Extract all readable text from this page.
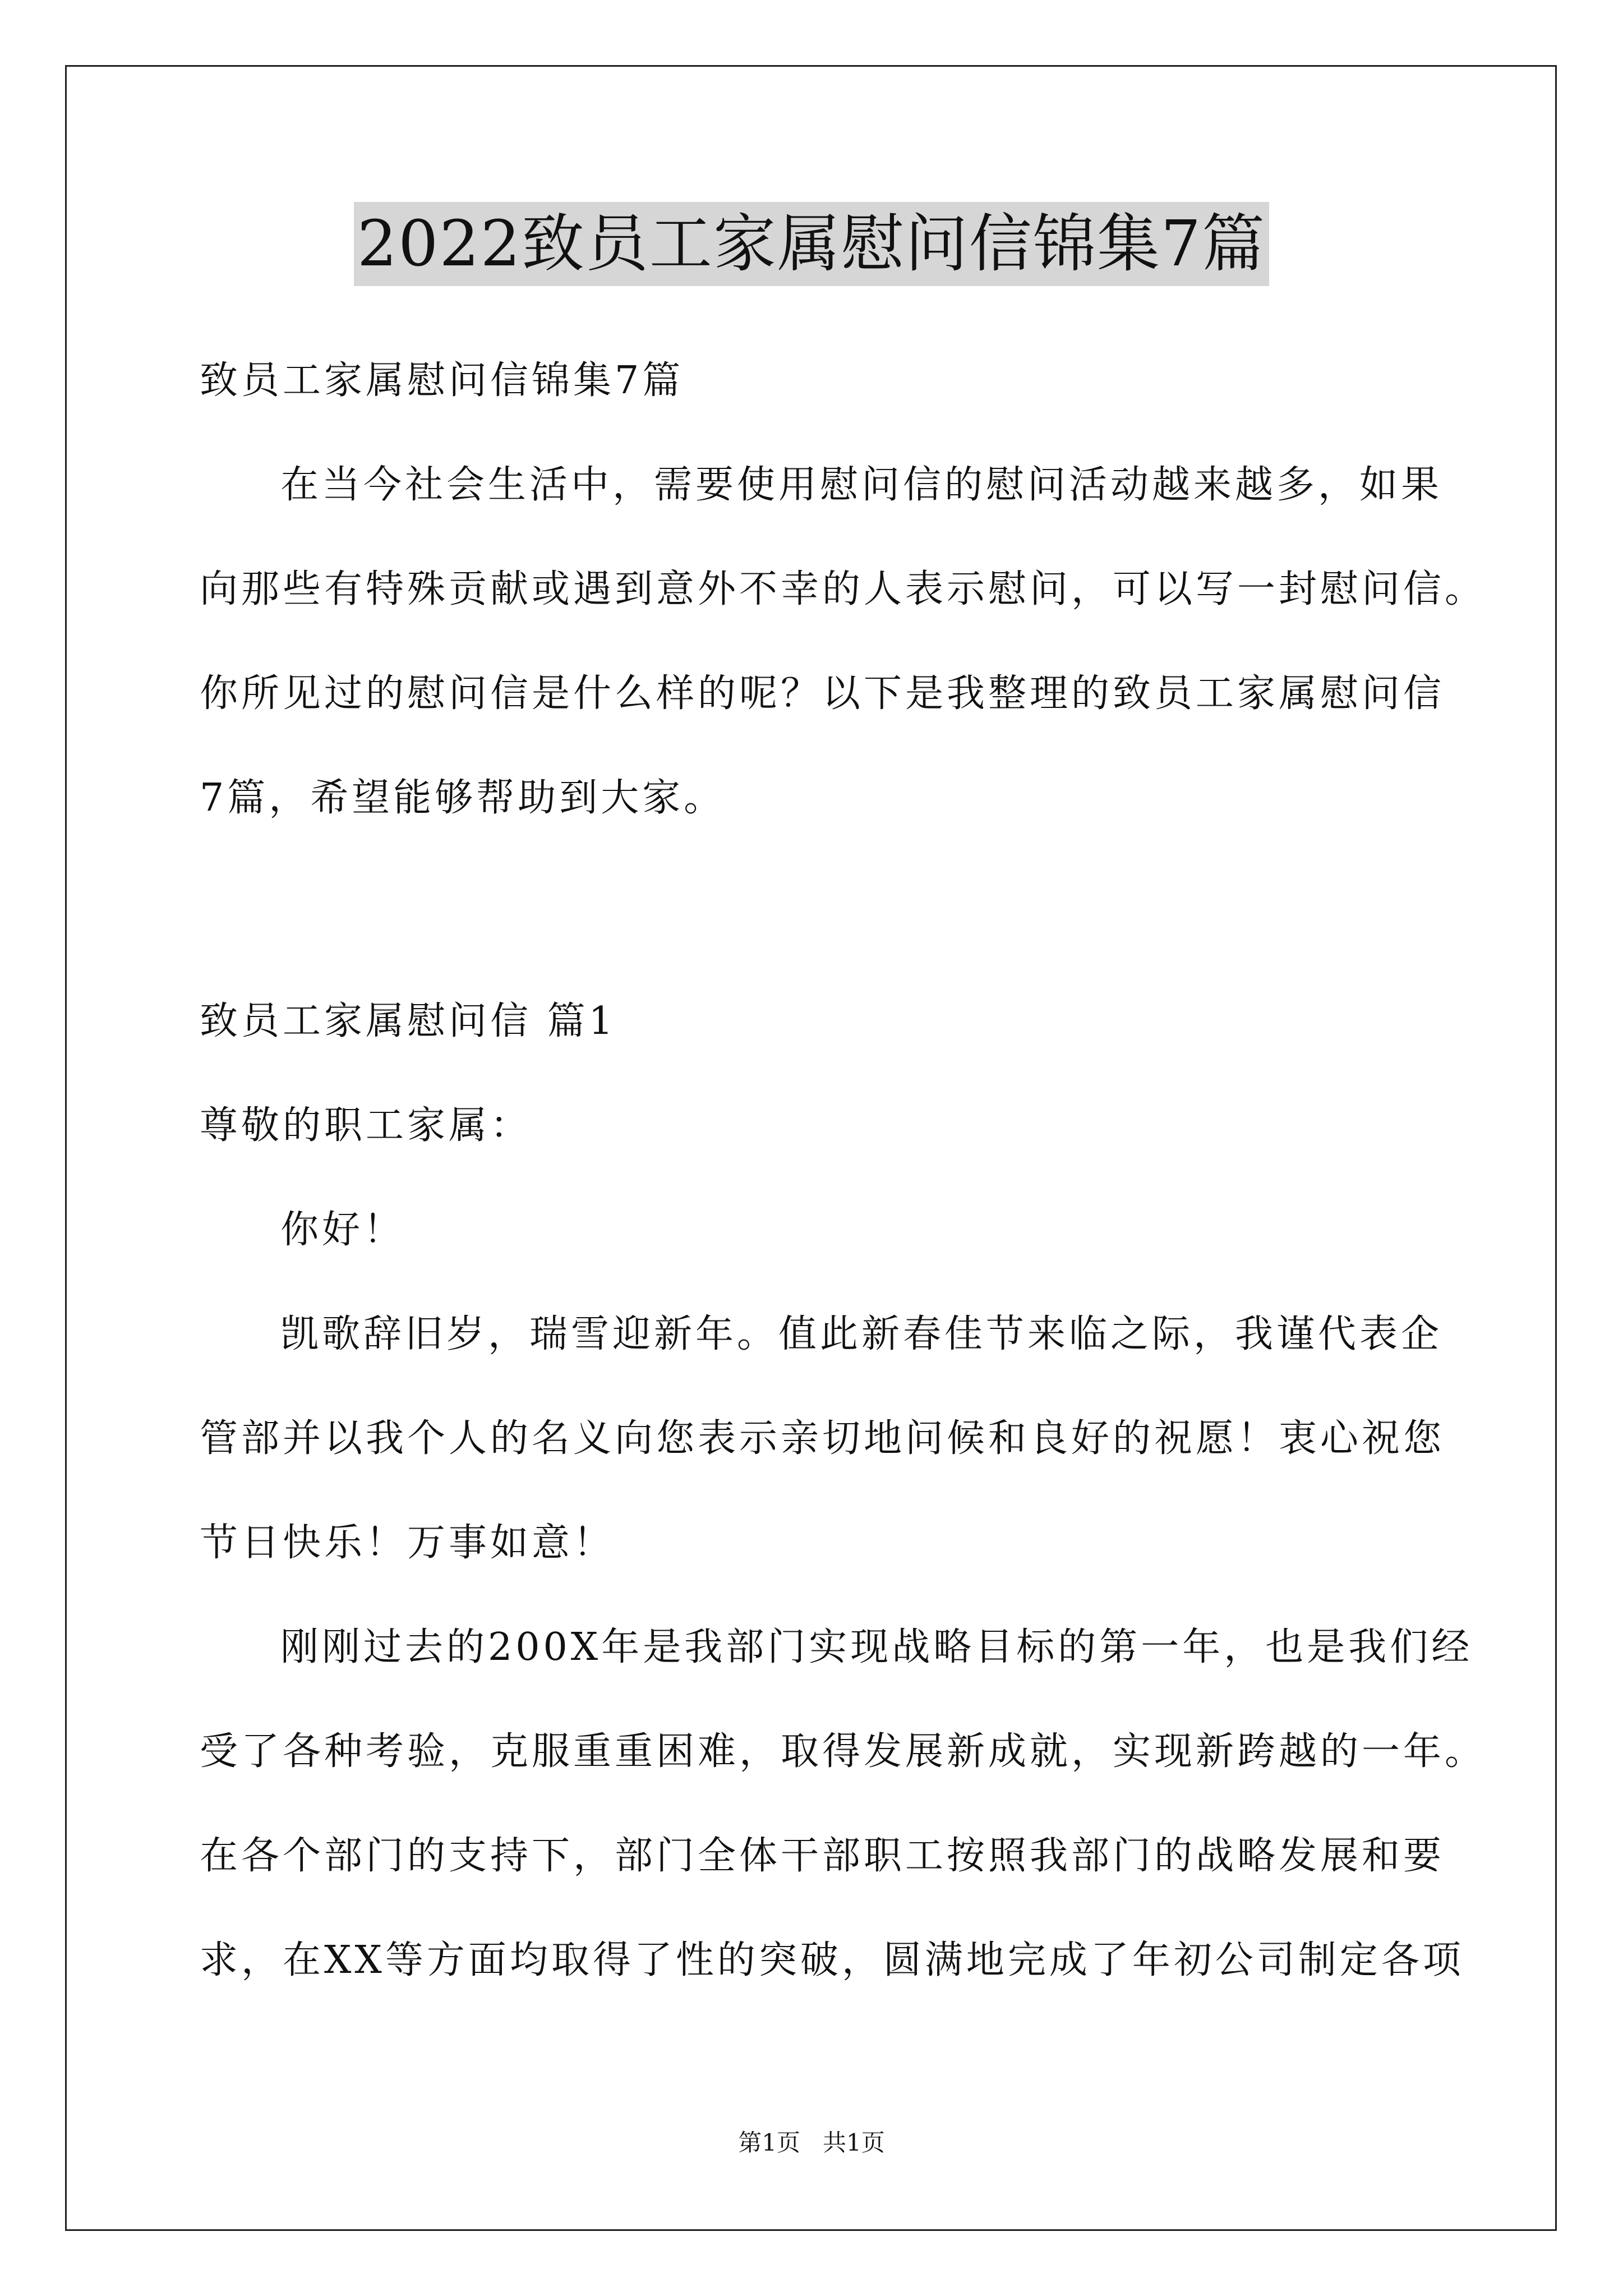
2022致员工家属慰问信锦集7篇
致员工家属慰问信锦集7篇
在当今社会生活中，需要使用慰问信的慰问活动越来越多，如果
向那些有特殊贡献或遇到意外不幸的人表示慰问，可以写一封慰问信。
你所见过的慰问信是什么样的呢？以下是我整理的致员工家属慰问信
7篇，希望能够帮助到大家。
致员工家属慰问信 篇1
尊敬的职工家属：
你好！
凯歌辞旧岁，瑞雪迎新年。值此新春佳节来临之际，我谨代表企
管部并以我个人的名义向您表示亲切地问候和良好的祝愿！衷心祝您
节日快乐！万事如意！
刚刚过去的200X年是我部门实现战略目标的第一年，也是我们经
受了各种考验，克服重重困难，取得发展新成就，实现新跨越的一年。
在各个部门的支持下，部门全体干部职工按照我部门的战略发展和要
求，在XX等方面均取得了性的突破，圆满地完成了年初公司制定各项
第1页   共1页
